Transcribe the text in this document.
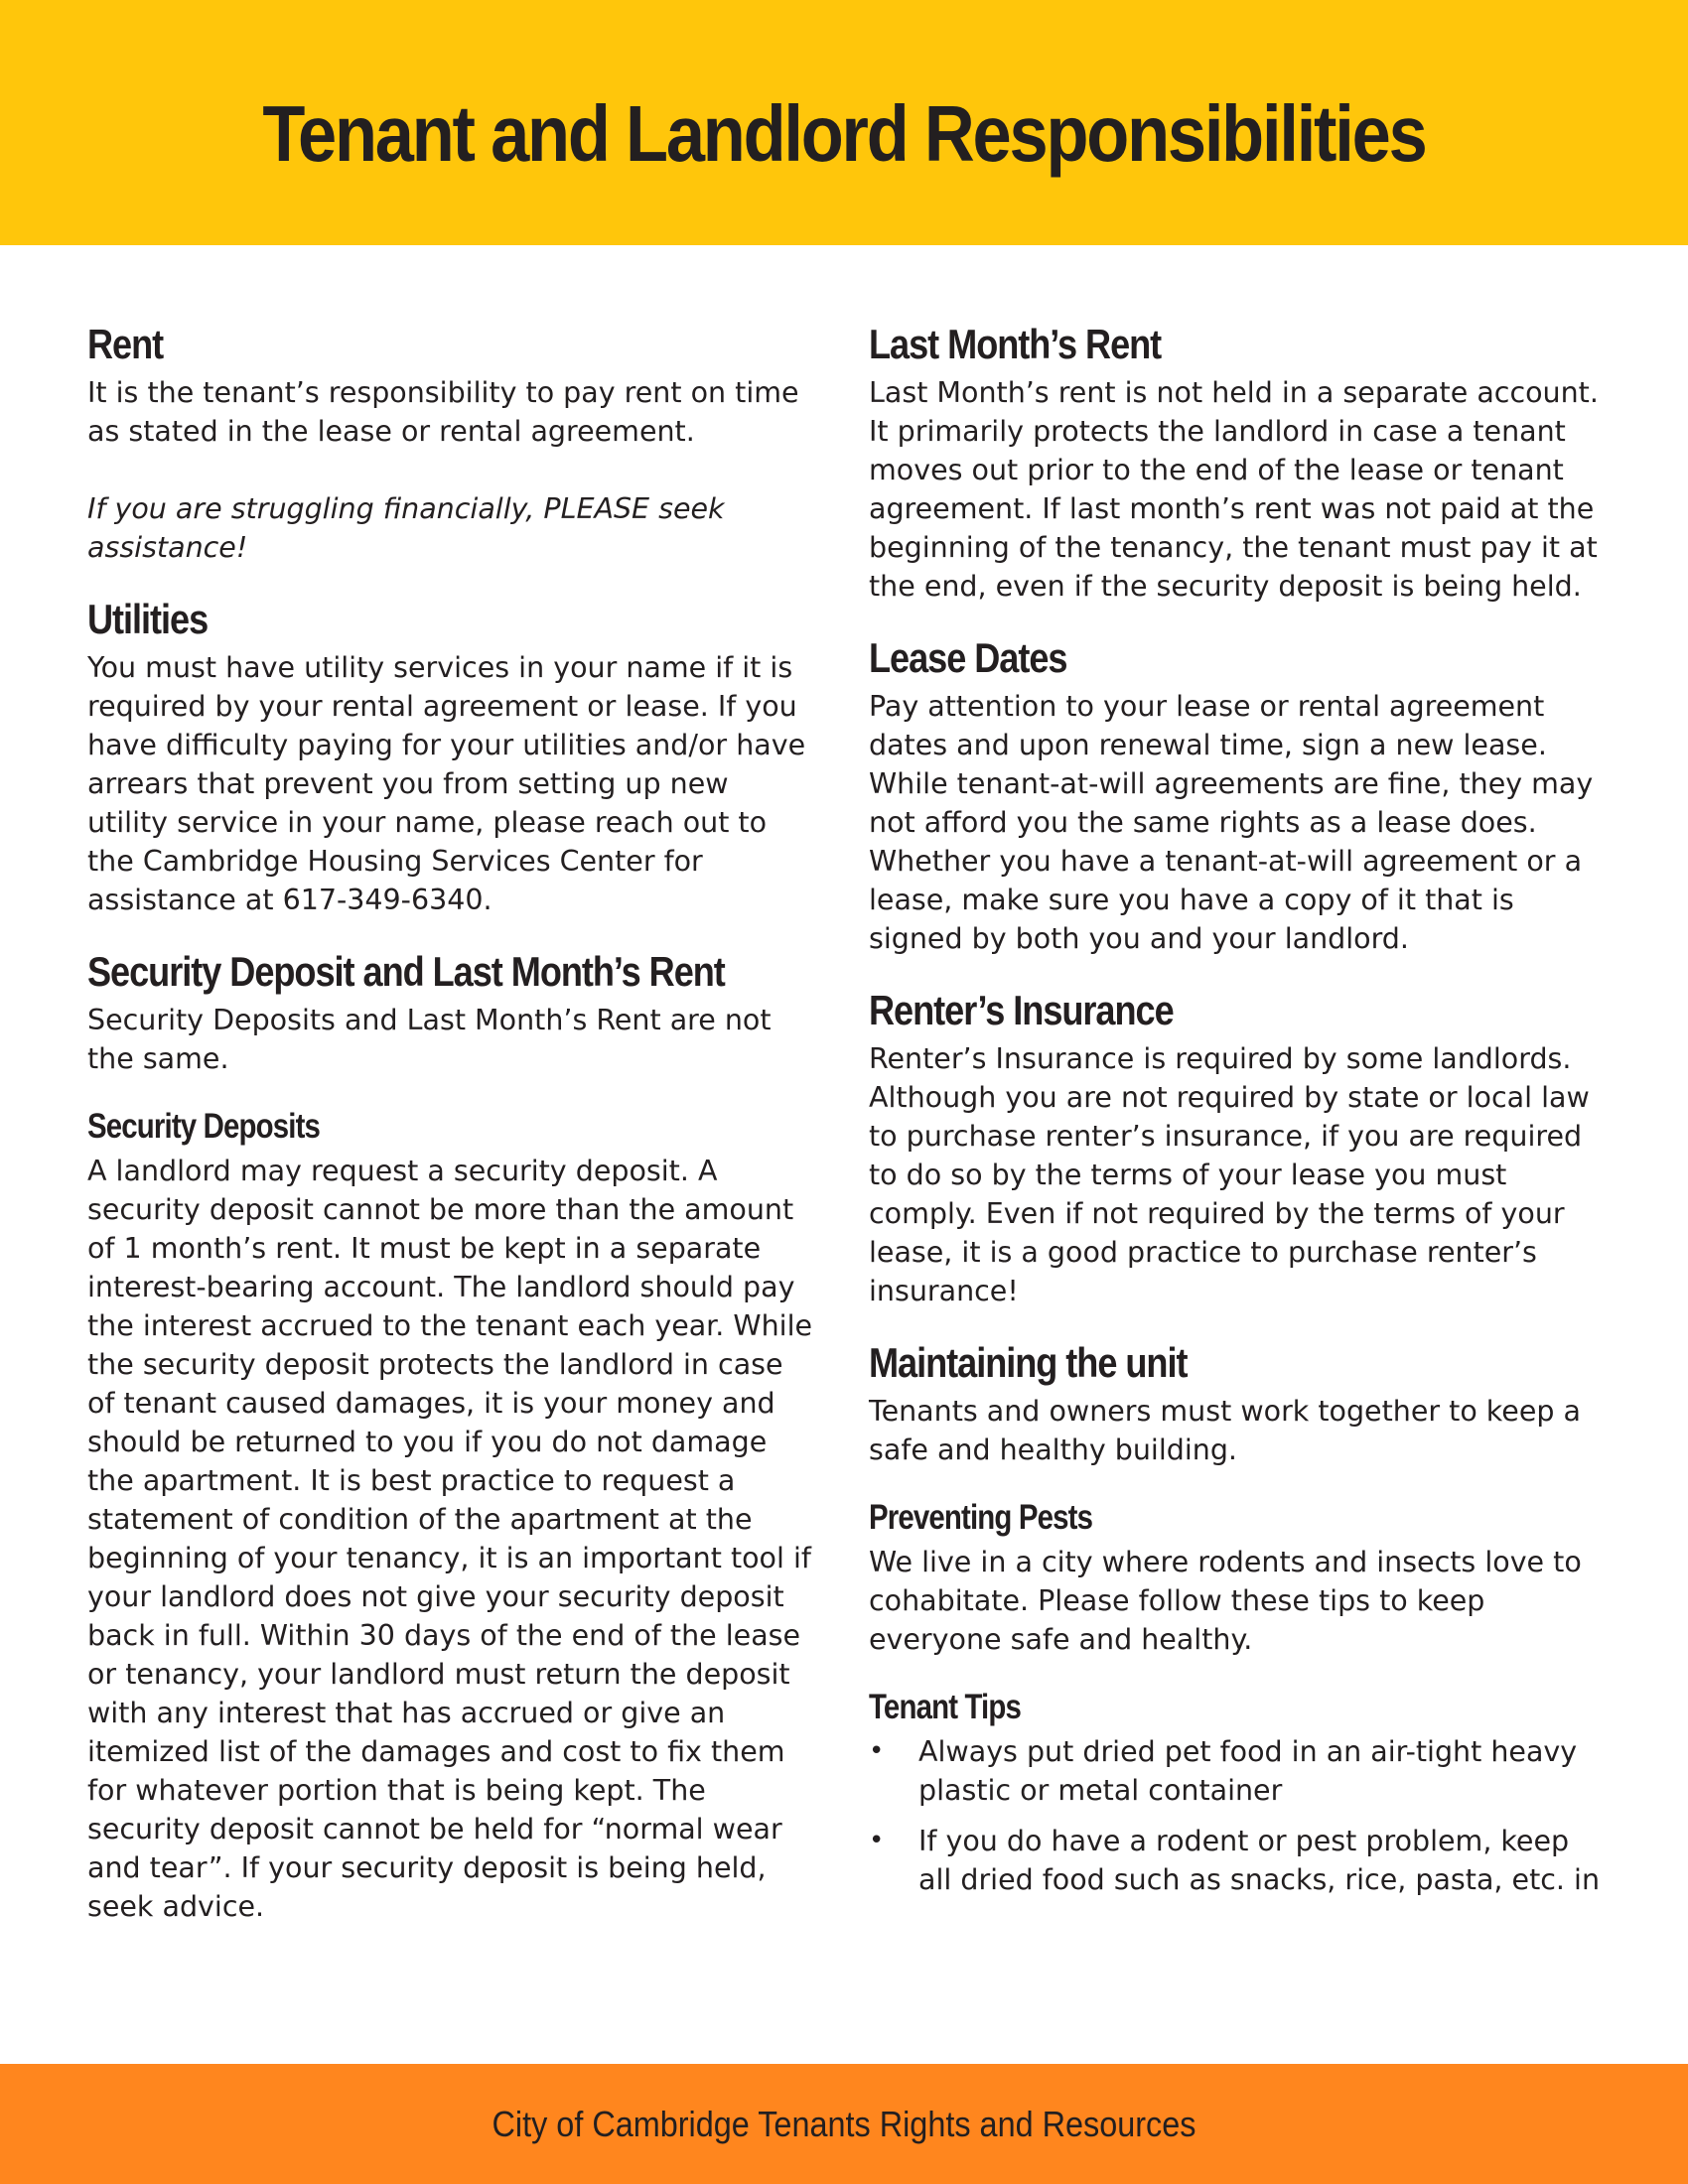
Tenant and Landlord Responsibilities
Rent

It is the tenant’s responsibility to pay rent on time as stated in the lease or rental agreement.

If you are struggling financially, PLEASE seek assistance!

Utilities

You must have utility services in your name if it is required by your rental agreement or lease. If you have difficulty paying for your utilities and/or have arrears that prevent you from setting up new utility service in your name, please reach out to the Cambridge Housing Services Center for assistance at 617-349-6340.

Security Deposit and Last Month’s Rent

Security Deposits and Last Month’s Rent are not the same.

Security Deposits

A landlord may request a security deposit. A security deposit cannot be more than the amount of 1 month’s rent. It must be kept in a separate interest-bearing account. The landlord should pay the interest accrued to the tenant each year. While the security deposit protects the landlord in case of tenant caused damages, it is your money and should be returned to you if you do not damage the apartment. It is best practice to request a statement of condition of the apartment at the beginning of your tenancy, it is an important tool if your landlord does not give your security deposit back in full. Within 30 days of the end of the lease or tenancy, your landlord must return the deposit with any interest that has accrued or give an itemized list of the damages and cost to fix them for whatever portion that is being kept. The security deposit cannot be held for “normal wear and tear”. If your security deposit is being held, seek advice.

Last Month’s Rent

Last Month’s rent is not held in a separate account. It primarily protects the landlord in case a tenant moves out prior to the end of the lease or tenant agreement. If last month’s rent was not paid at the beginning of the tenancy, the tenant must pay it at the end, even if the security deposit is being held.

Lease Dates

Pay attention to your lease or rental agreement dates and upon renewal time, sign a new lease. While tenant-at-will agreements are fine, they may not afford you the same rights as a lease does. Whether you have a tenant-at-will agreement or a lease, make sure you have a copy of it that is signed by both you and your landlord.

Renter’s Insurance

Renter’s Insurance is required by some landlords. Although you are not required by state or local law to purchase renter’s insurance, if you are required to do so by the terms of your lease you must comply. Even if not required by the terms of your lease, it is a good practice to purchase renter’s insurance!

Maintaining the unit

Tenants and owners must work together to keep a safe and healthy building.

Preventing Pests

We live in a city where rodents and insects love to cohabitate. Please follow these tips to keep everyone safe and healthy.

Tenant Tips
• Always put dried pet food in an air-tight heavy plastic or metal container

• If you do have a rodent or pest problem, keep all dried food such as snacks, rice, pasta, etc. in

City of Cambridge Tenants Rights and Resources
